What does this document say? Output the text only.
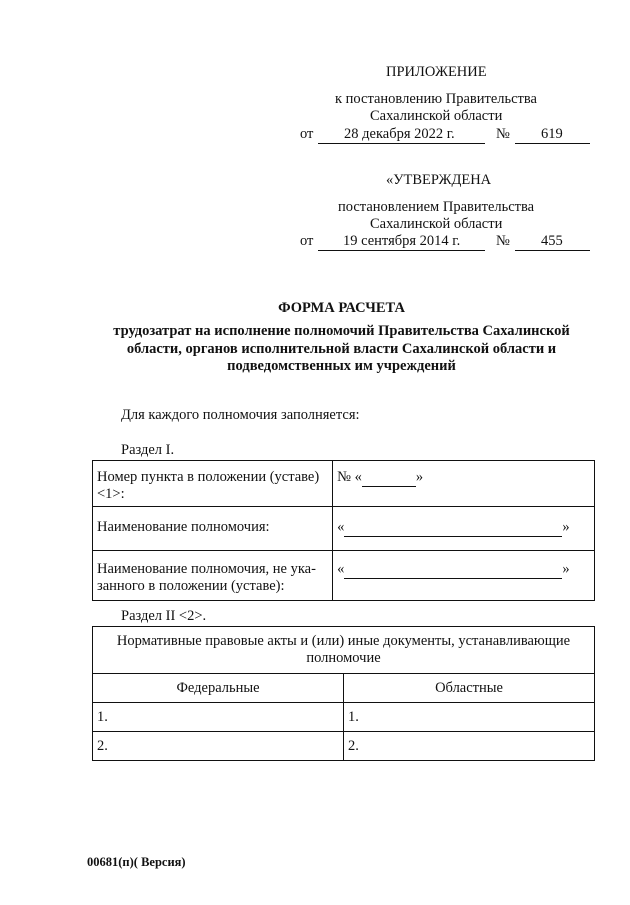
ПРИЛОЖЕНИЕ
к постановлению Правительства
Сахалинской области
от 28 декабря 2022 г.	№ 619
«УТВЕРЖДЕНА
постановлением Правительства
Сахалинской области
от 19 сентября 2014 г. № 455
ФОРМА РАСЧЕТА
трудозатрат на исполнение полномочий Правительства Сахалинской
области, органов исполнительной власти Сахалинской области и
подведомственных им учреждений
Для каждого полномочия заполняется:
Раздел I.
Номер пункта в положении (уставе)
<1>:	№ « »

Наименование полномочия:	« »

Наименование полномочия, не ука-
занного в положении (уставе):	« »
Раздел II <2>.
Нормативные правовые акты и (или) иные документы, устанавливающие
полномочие	

Федеральные	Областные
1.	1.
2.	2.
00681(п)( Версия)
